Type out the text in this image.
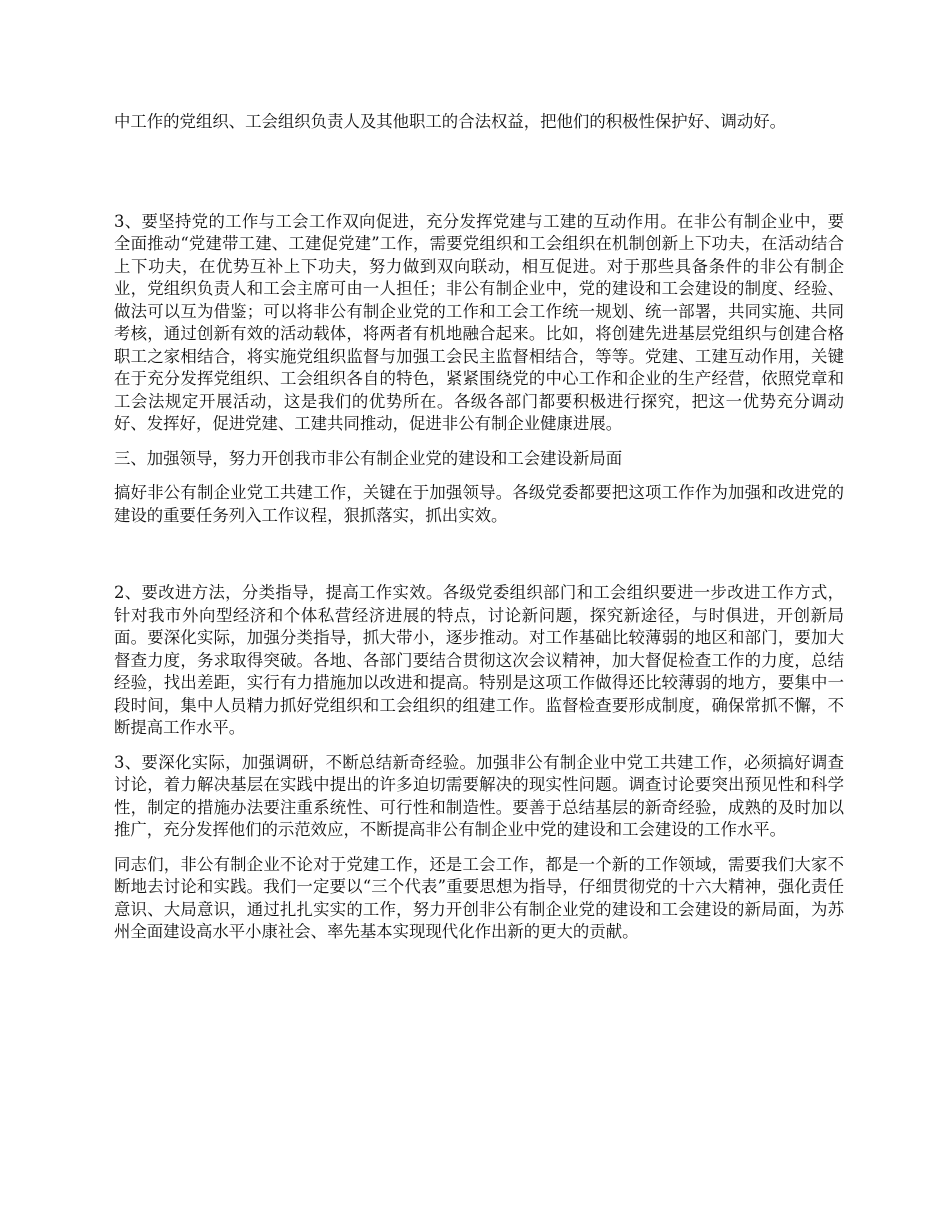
中工作的党组织、工会组织负责人及其他职工的合法权益，把他们的积极性保护好、调动好。

3、要坚持党的工作与工会工作双向促进，充分发挥党建与工建的互动作用。在非公有制企业中，要全面推动“党建带工建、工建促党建”工作，需要党组织和工会组织在机制创新上下功夫，在活动结合上下功夫，在优势互补上下功夫，努力做到双向联动，相互促进。对于那些具备条件的非公有制企业，党组织负责人和工会主席可由一人担任；非公有制企业中，党的建设和工会建设的制度、经验、做法可以互为借鉴；可以将非公有制企业党的工作和工会工作统一规划、统一部署，共同实施、共同考核，通过创新有效的活动载体，将两者有机地融合起来。比如，将创建先进基层党组织与创建合格职工之家相结合，将实施党组织监督与加强工会民主监督相结合，等等。党建、工建互动作用，关键在于充分发挥党组织、工会组织各自的特色，紧紧围绕党的中心工作和企业的生产经营，依照党章和工会法规定开展活动，这是我们的优势所在。各级各部门都要积极进行探究，把这一优势充分调动好、发挥好，促进党建、工建共同推动，促进非公有制企业健康进展。

三、加强领导，努力开创我市非公有制企业党的建设和工会建设新局面

搞好非公有制企业党工共建工作，关键在于加强领导。各级党委都要把这项工作作为加强和改进党的建设的重要任务列入工作议程，狠抓落实，抓出实效。

2、要改进方法，分类指导，提高工作实效。各级党委组织部门和工会组织要进一步改进工作方式，针对我市外向型经济和个体私营经济进展的特点，讨论新问题，探究新途径，与时俱进，开创新局面。要深化实际，加强分类指导，抓大带小，逐步推动。对工作基础比较薄弱的地区和部门，要加大督查力度，务求取得突破。各地、各部门要结合贯彻这次会议精神，加大督促检查工作的力度，总结经验，找出差距，实行有力措施加以改进和提高。特别是这项工作做得还比较薄弱的地方，要集中一段时间，集中人员精力抓好党组织和工会组织的组建工作。监督检查要形成制度，确保常抓不懈，不断提高工作水平。

3、要深化实际，加强调研，不断总结新奇经验。加强非公有制企业中党工共建工作，必须搞好调查讨论，着力解决基层在实践中提出的许多迫切需要解决的现实性问题。调查讨论要突出预见性和科学性，制定的措施办法要注重系统性、可行性和制造性。要善于总结基层的新奇经验，成熟的及时加以推广，充分发挥他们的示范效应，不断提高非公有制企业中党的建设和工会建设的工作水平。

同志们，非公有制企业不论对于党建工作，还是工会工作，都是一个新的工作领域，需要我们大家不断地去讨论和实践。我们一定要以“三个代表”重要思想为指导，仔细贯彻党的十六大精神，强化责任意识、大局意识，通过扎扎实实的工作，努力开创非公有制企业党的建设和工会建设的新局面，为苏州全面建设高水平小康社会、率先基本实现现代化作出新的更大的贡献。
